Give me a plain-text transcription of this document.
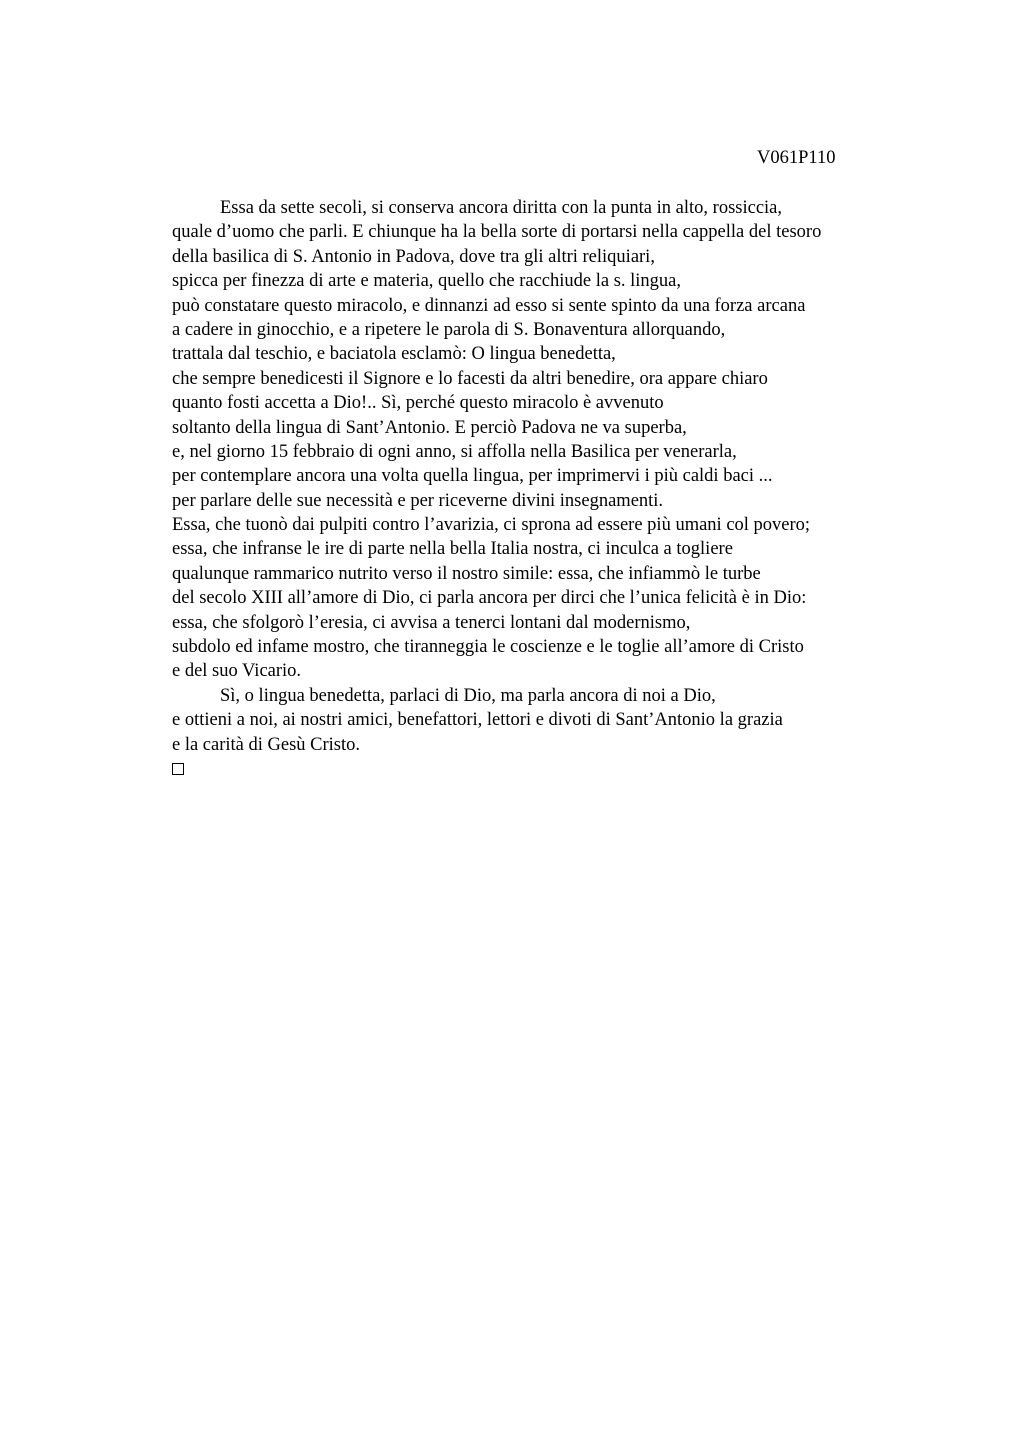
V061P110
Essa da sette secoli, si conserva ancora diritta con la punta in alto, rossiccia,
quale d’uomo che parli. E chiunque ha la bella sorte di portarsi nella cappella del tesoro
della basilica di S. Antonio in Padova, dove tra gli altri reliquiari,
spicca per finezza di arte e materia, quello che racchiude la s. lingua,
può constatare questo miracolo, e dinnanzi ad esso si sente spinto da una forza arcana
a cadere in ginocchio, e a ripetere le parola di S. Bonaventura allorquando,
trattala dal teschio, e baciatola esclamò: O lingua benedetta,
che sempre benedicesti il Signore e lo facesti da altri benedire, ora appare chiaro
quanto fosti accetta a Dio!.. Sì, perché questo miracolo è avvenuto
soltanto della lingua di Sant’Antonio. E perciò Padova ne va superba,
e, nel giorno 15 febbraio di ogni anno, si affolla nella Basilica per venerarla,
per contemplare ancora una volta quella lingua, per imprimervi i più caldi baci ...
per parlare delle sue necessità e per riceverne divini insegnamenti.
Essa, che tuonò dai pulpiti contro l’avarizia, ci sprona ad essere più umani col povero;
essa, che infranse le ire di parte nella bella Italia nostra, ci inculca a togliere
qualunque rammarico nutrito verso il nostro simile: essa, che infiammò le turbe
del secolo XIII all’amore di Dio, ci parla ancora per dirci che l’unica felicità è in Dio:
essa, che sfolgorò l’eresia, ci avvisa a tenerci lontani dal modernismo,
subdolo ed infame mostro, che tiranneggia le coscienze e le toglie all’amore di Cristo
e del suo Vicario.
Sì, o lingua benedetta, parlaci di Dio, ma parla ancora di noi a Dio,
e ottieni a noi, ai nostri amici, benefattori, lettori e divoti di Sant’Antonio la grazia
e la carità di Gesù Cristo.
